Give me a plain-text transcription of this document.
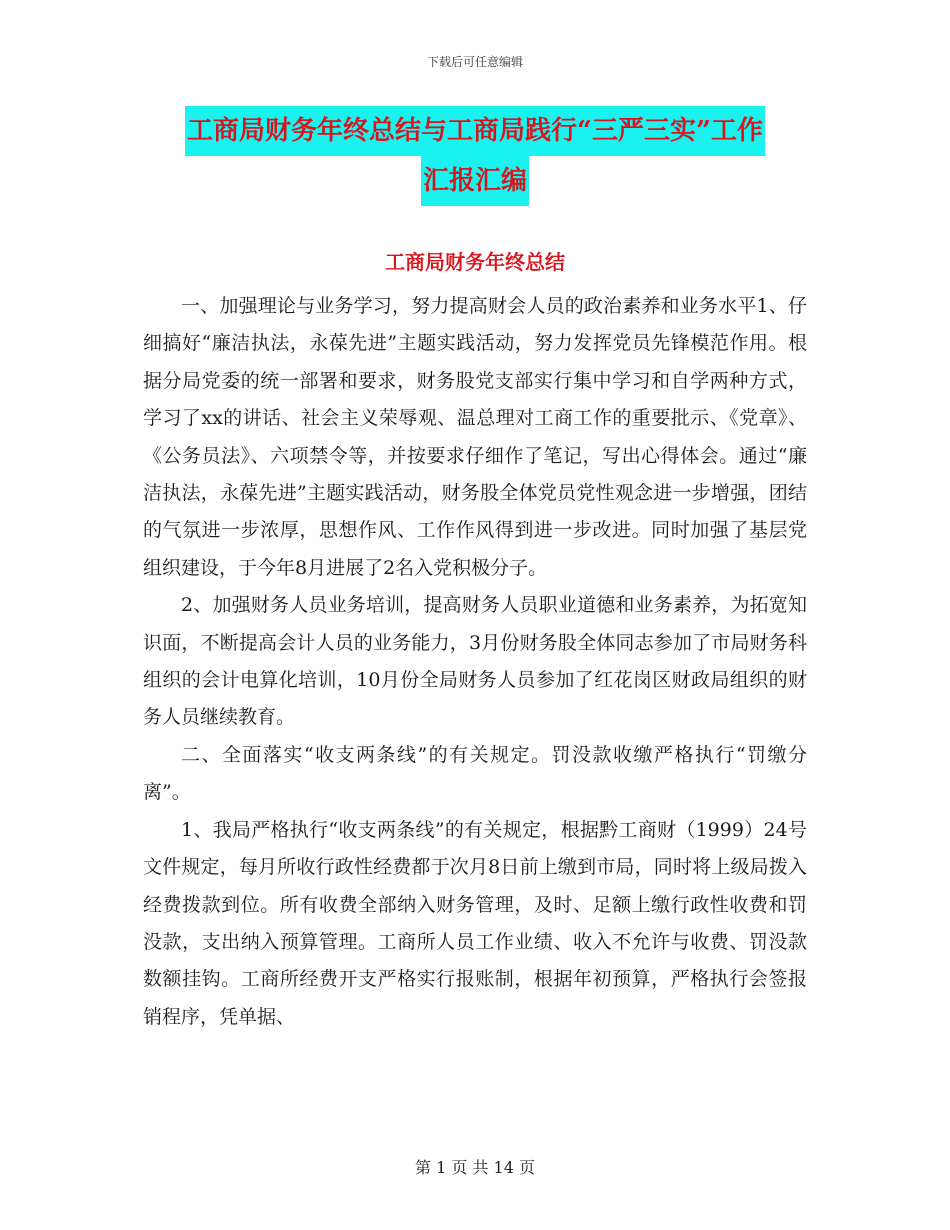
下载后可任意编辑
工商局财务年终总结与工商局践行“三严三实”工作
汇报汇编
工商局财务年终总结

一、加强理论与业务学习，努力提高财会人员的政治素养和业务水平1、仔细搞好“廉洁执法，永葆先进”主题实践活动，努力发挥党员先锋模范作用。根据分局党委的统一部署和要求，财务股党支部实行集中学习和自学两种方式，学习了xx的讲话、社会主义荣辱观、温总理对工商工作的重要批示、《党章》、《公务员法》、六项禁令等，并按要求仔细作了笔记，写出心得体会。通过“廉洁执法，永葆先进”主题实践活动，财务股全体党员党性观念进一步增强，团结的气氛进一步浓厚，思想作风、工作作风得到进一步改进。同时加强了基层党组织建设，于今年8月进展了2名入党积极分子。

2、加强财务人员业务培训，提高财务人员职业道德和业务素养，为拓宽知识面，不断提高会计人员的业务能力，3月份财务股全体同志参加了市局财务科组织的会计电算化培训，10月份全局财务人员参加了红花岗区财政局组织的财务人员继续教育。

二、全面落实“收支两条线”的有关规定。罚没款收缴严格执行“罚缴分离”。

1、我局严格执行“收支两条线”的有关规定，根据黔工商财（1999）24号文件规定，每月所收行政性经费都于次月8日前上缴到市局，同时将上级局拨入经费拨款到位。所有收费全部纳入财务管理，及时、足额上缴行政性收费和罚没款，支出纳入预算管理。工商所人员工作业绩、收入不允许与收费、罚没款数额挂钩。工商所经费开支严格实行报账制，根据年初预算，严格执行会签报销程序，凭单据、

第 1 页 共 14 页
